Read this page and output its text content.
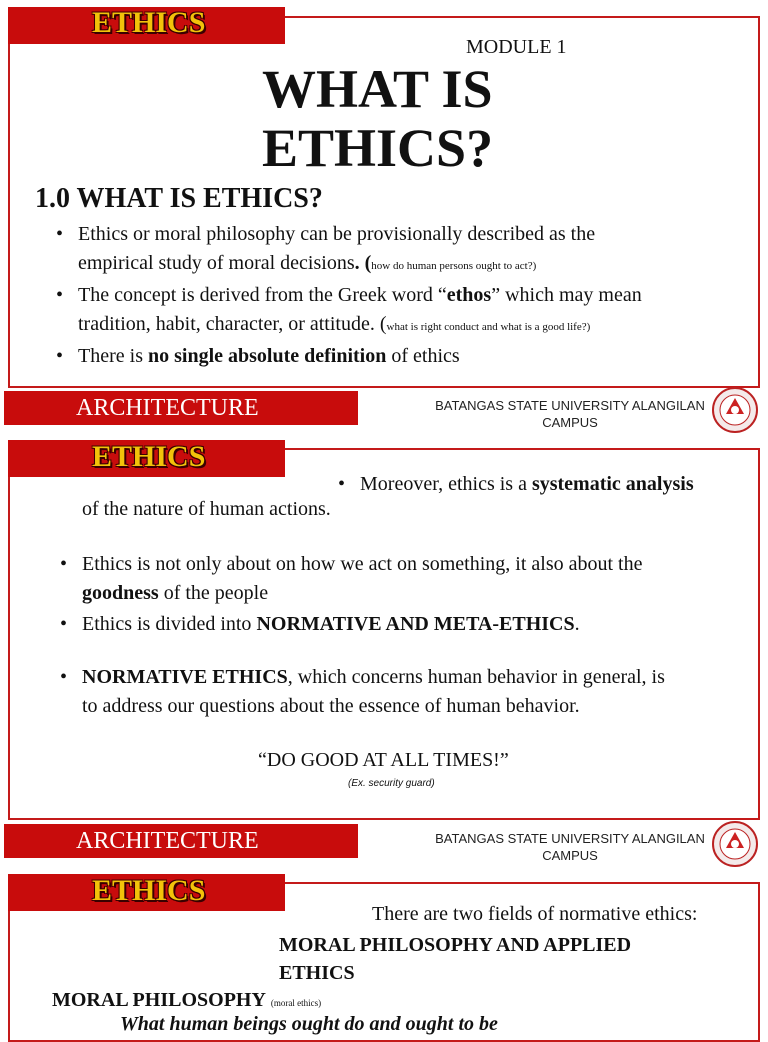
ETHICS
MODULE 1
WHAT IS
ETHICS?
1.0 WHAT IS ETHICS?
• Ethics or moral philosophy can be provisionally described as the
empirical study of moral decisions. (how do human persons ought to act?)
• The concept is derived from the Greek word “ethos” which may mean
tradition, habit, character, or attitude. (what is right conduct and what is a good life?)
• There is no single absolute definition of ethics
ARCHITECTURE	BATANGAS STATE UNIVERSITY ALANGILAN
CAMPUS
ETHICS
•   Moreover, ethics is a systematic analysis
of the nature of human actions.
• Ethics is not only about on how we act on something, it also about the
goodness of the people
• Ethics is divided into NORMATIVE AND META-ETHICS.
• NORMATIVE ETHICS, which concerns human behavior in general, is
to address our questions about the essence of human behavior.
“DO GOOD AT ALL TIMES!”
(Ex. security guard)
ARCHITECTURE	BATANGAS STATE UNIVERSITY ALANGILAN
CAMPUS
ETHICS
There are two fields of normative ethics:
MORAL PHILOSOPHY AND APPLIED
ETHICS
MORAL PHILOSOPHY (moral ethics)
What human beings ought do and ought to be
